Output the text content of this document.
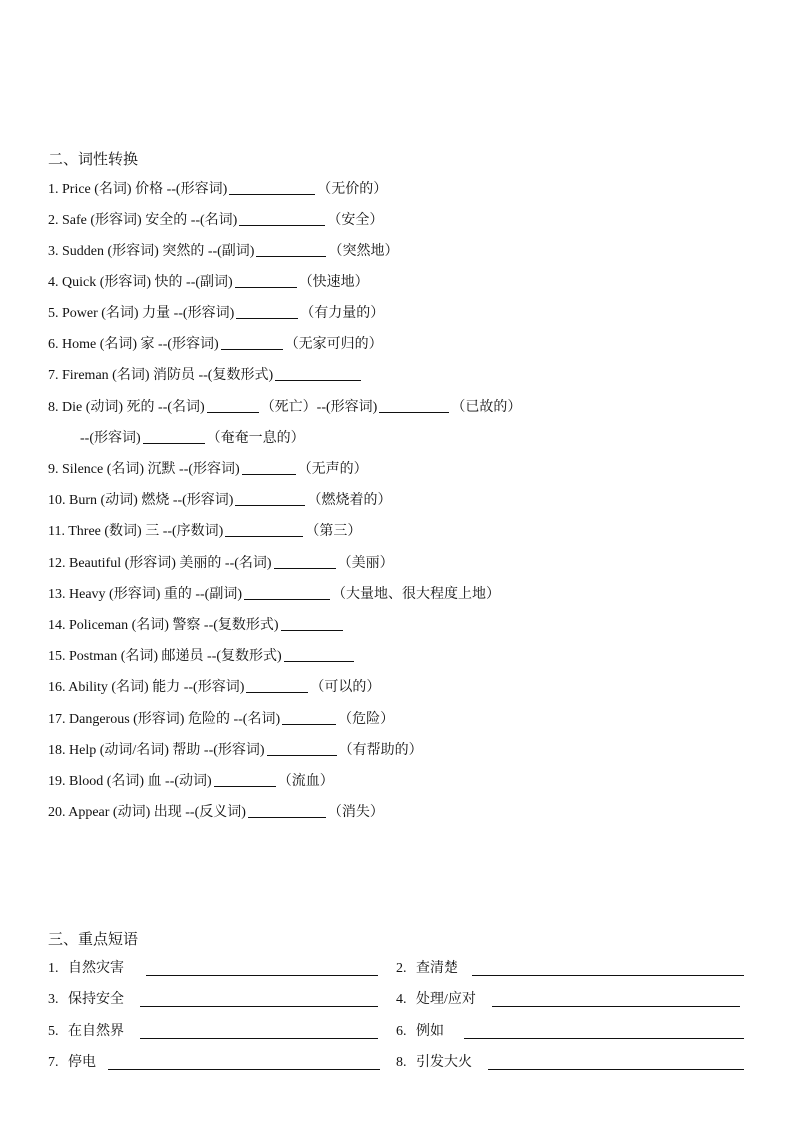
二、词性转换
1. Price (名词) 价格 --(形容词)	（无价的）
2. Safe (形容词) 安全的 --(名词)	（安全）
3. Sudden (形容词) 突然的 --(副词)	（突然地）
4. Quick (形容词) 快的 --(副词)	（快速地）
5. Power (名词) 力量 --(形容词)	（有力量的）
6. Home (名词) 家 --(形容词)	（无家可归的）
7. Fireman (名词) 消防员 --(复数形式)
8. Die (动词) 死的 --(名词)	（死亡）--(形容词)	（已故的）
--(形容词)	（奄奄一息的）
9. Silence (名词) 沉默 --(形容词)	（无声的）
10. Burn (动词) 燃烧 --(形容词)	（燃烧着的）
11. Three (数词) 三 --(序数词)	（第三）
12. Beautiful (形容词) 美丽的 --(名词)	（美丽）
13. Heavy (形容词) 重的 --(副词)	（大量地、很大程度上地）
14. Policeman (名词) 警察 --(复数形式)
15. Postman (名词) 邮递员 --(复数形式)
16. Ability (名词) 能力 --(形容词)	（可以的）
17. Dangerous (形容词) 危险的 --(名词)	（危险）
18. Help (动词/名词) 帮助 --(形容词)	（有帮助的）
19. Blood (名词) 血 --(动词)	（流血）
20. Appear (动词) 出现 --(反义词)	（消失）
三、重点短语
1. 自然灾害	2. 查清楚
3. 保持安全	4. 处理/应对
5. 在自然界	6. 例如
7. 停电	8. 引发大火
